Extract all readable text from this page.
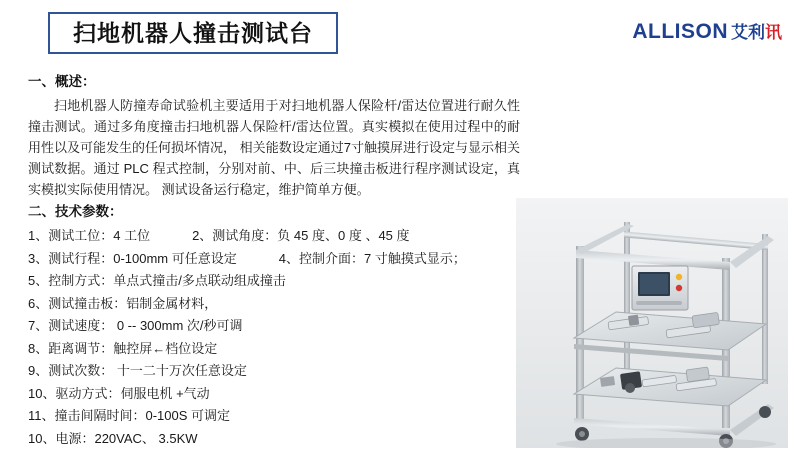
扫地机器人撞击测试台	ALLISON 艾利讯
一、概述：

扫地机器人防撞寿命试验机主要适用于对扫地机器人保险杆/雷达位置进行耐久性撞击测试。通过多角度撞击扫地机器人保险杆/雷达位置。真实模拟在使用过程中的耐用性以及可能发生的任何损坏情况， 相关能数设定通过7寸触摸屏进行设定与显示相关测试数据。通过 PLC 程式控制，分别对前、中、后三块撞击板进行程序测试设定，真实模拟实际使用情况。 测试设备运行稳定，维护简单方便。

二、技术参数：
1、测试工位：4 工位	2、测试角度：负 45 度、0 度 、45 度
3、测试行程：0-100mm 可任意设定	4、控制介面：7 寸触摸式显示；
5、控制方式：单点式撞击/多点联动组成撞击
6、测试撞击板：铝制金属材料，
7、测试速度： 0 -- 300mm 次/秒可调
8、距离调节：触控屏←档位设定
9、测试次数： 十一二十万次任意设定
10、驱动方式：伺服电机 +气动
11、撞击间隔时间：0-100S 可调定
10、电源：220VAC、 3.5KW
